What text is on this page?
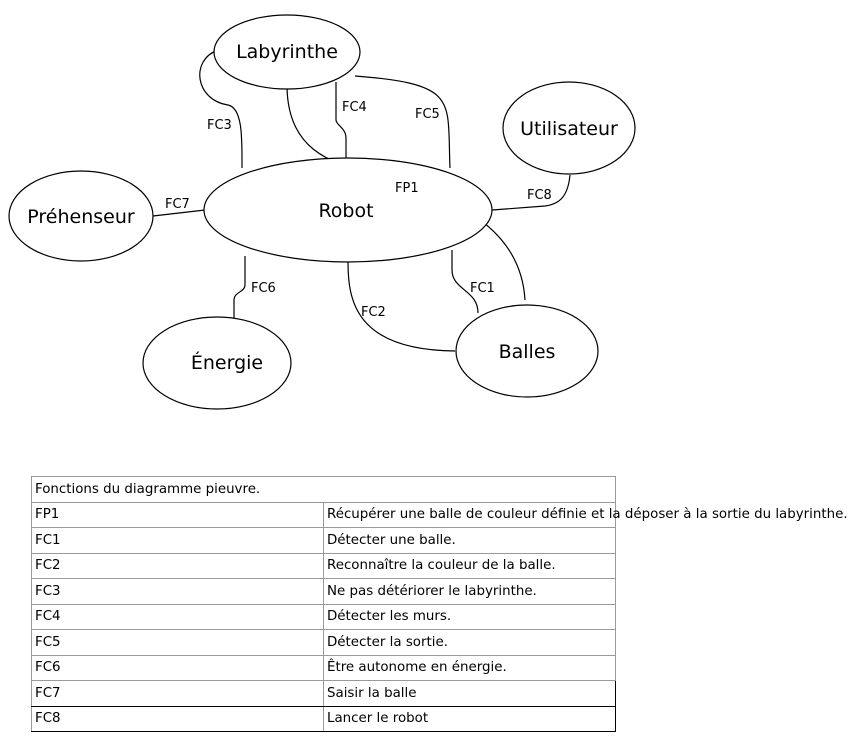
Robot
Labyrinthe
Utilisateur
Préhenseur
Énergie	Balles
FC3
FC4	FC5
FP1	FC8
FC7
FC6
FC2
FC1
Fonctions du diagramme pieuvre.	
FP1	Récupérer une balle de couleur définie et la déposer à la sortie du labyrinthe.
FC1	Détecter une balle.
FC2	Reconnaître la couleur de la balle.
FC3	Ne pas détériorer le labyrinthe.
FC4	Détecter les murs.
FC5	Détecter la sortie.
FC6	Être autonome en énergie.
FC7	Saisir la balle
FC8	Lancer le robot
